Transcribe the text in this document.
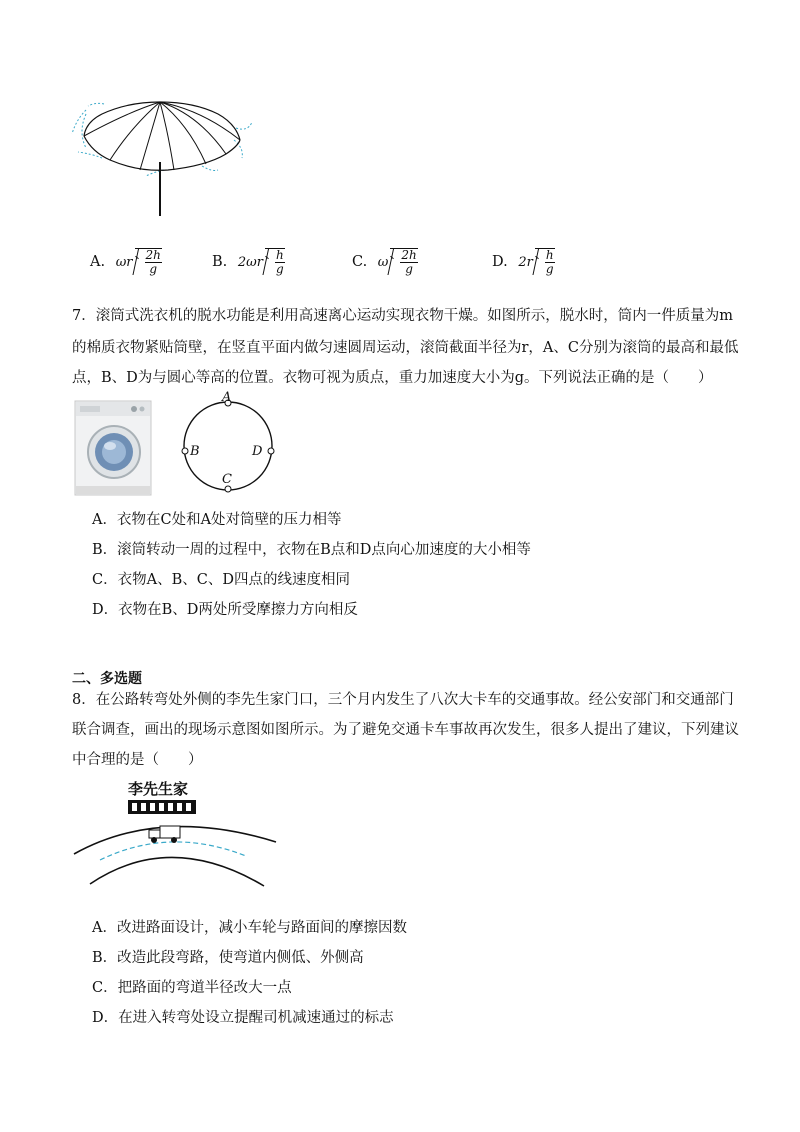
A. ωr $\frac{2h}{g}$	B. $2\omega r \frac{h}{g}$	C. ω $\frac{2h}{g}$	D. $2r \frac{h}{g}$
7．滚筒式洗衣机的脱水功能是利用高速离心运动实现衣物干燥。如图所示，脱水时，筒内一件质量为m
的棉质衣物紧贴筒壁，在竖直平面内做匀速圆周运动，滚筒截面半径为r，A、C分别为滚筒的最高和最低
点，B、D为与圆心等高的位置。衣物可视为质点，重力加速度大小为g。下列说法正确的是（　　）
A
B	D
C
A．衣物在C处和A处对筒壁的压力相等
B．滚筒转动一周的过程中，衣物在B点和D点向心加速度的大小相等
C．衣物A、B、C、D四点的线速度相同
D．衣物在B、D两处所受摩擦力方向相反
二、多选题
8．在公路转弯处外侧的李先生家门口，三个月内发生了八次大卡车的交通事故。经公安部门和交通部门
联合调查，画出的现场示意图如图所示。为了避免交通卡车事故再次发生，很多人提出了建议，下列建议
中合理的是（　　）
李先生家
A．改进路面设计，减小车轮与路面间的摩擦因数
B．改造此段弯路，使弯道内侧低、外侧高
C．把路面的弯道半径改大一点
D．在进入转弯处设立提醒司机减速通过的标志
